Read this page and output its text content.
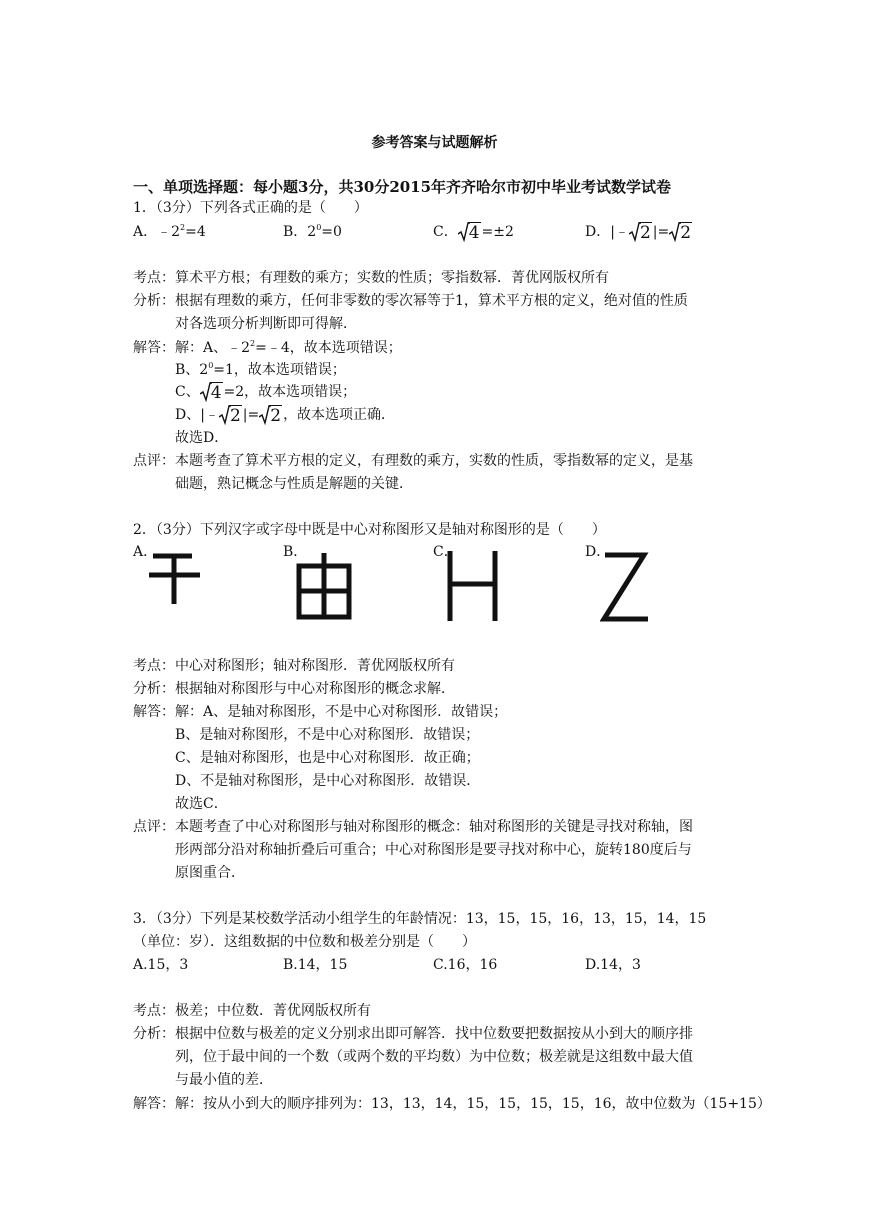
参考答案与试题解析
一、单项选择题：每小题3分，共30分2015年齐齐哈尔市初中毕业考试数学试卷
1．（3分）下列各式正确的是（　　）
A．$﹣2^2=4$	B．$2^0=0$	C． 4 =±2	D．|﹣ 2 |= 2
考点：算术平方根；有理数的乘方；实数的性质；零指数幂．菁优网版权所有
分析：根据有理数的乘方，任何非零数的零次幂等于1，算术平方根的定义，绝对值的性质
对各选项分析判断即可得解．
解答：解：A、$﹣2^2=﹣4$，故本选项错误；
B、$2^0=1$，故本选项错误；
C、 4 =2，故本选项错误；
D、|﹣ 2 |= 2 ，故本选项正确．
故选D．
点评：本题考查了算术平方根的定义，有理数的乘方，实数的性质，零指数幂的定义，是基
础题，熟记概念与性质是解题的关键．
2．（3分）下列汉字或字母中既是中心对称图形又是轴对称图形的是（　　）
A．	B．	C．	D．
考点：中心对称图形；轴对称图形．菁优网版权所有
分析：根据轴对称图形与中心对称图形的概念求解．
解答：解：A、是轴对称图形，不是中心对称图形．故错误；
B、是轴对称图形，不是中心对称图形．故错误；
C、是轴对称图形，也是中心对称图形．故正确；
D、不是轴对称图形，是中心对称图形．故错误．
故选C．
点评：本题考查了中心对称图形与轴对称图形的概念：轴对称图形的关键是寻找对称轴，图
形两部分沿对称轴折叠后可重合；中心对称图形是要寻找对称中心，旋转180度后与
原图重合．
3．（3分）下列是某校数学活动小组学生的年龄情况：13，15，15，16，13，15，14，15
（单位：岁）．这组数据的中位数和极差分别是（　　）
A.15，3	B.14，15	C.16，16	D.14，3
考点：极差；中位数．菁优网版权所有
分析：根据中位数与极差的定义分别求出即可解答．找中位数要把数据按从小到大的顺序排
列，位于最中间的一个数（或两个数的平均数）为中位数；极差就是这组数中最大值
与最小值的差．
解答：解：按从小到大的顺序排列为：13，13，14，15，15，15，15，16，故中位数为（15+15）
